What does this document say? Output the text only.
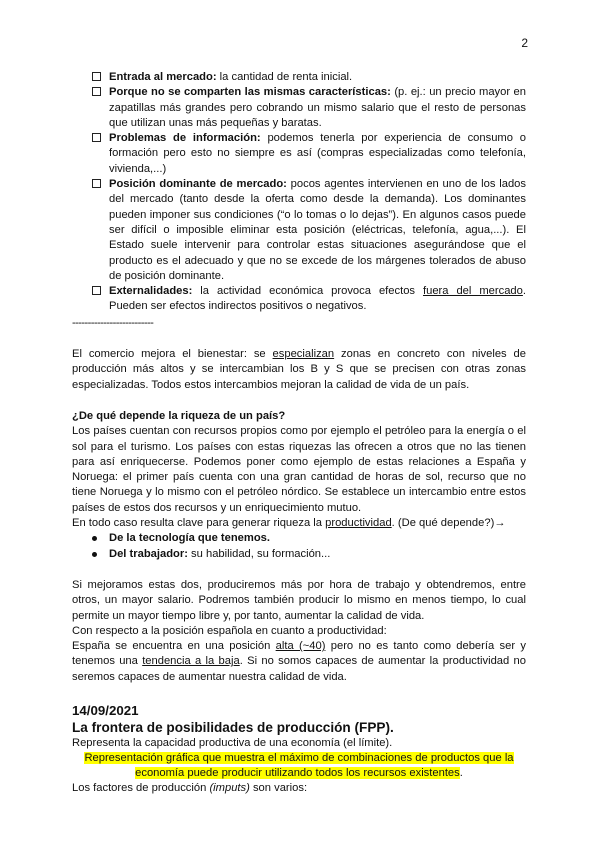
2
Entrada al mercado: la cantidad de renta inicial.
Porque no se comparten las mismas características: (p. ej.: un precio mayor en zapatillas más grandes pero cobrando un mismo salario que el resto de personas que utilizan unas más pequeñas y baratas.
Problemas de información: podemos tenerla por experiencia de consumo o formación pero esto no siempre es así (compras especializadas como telefonía, vivienda,...)
Posición dominante de mercado: pocos agentes intervienen en uno de los lados del mercado (tanto desde la oferta como desde la demanda). Los dominantes pueden imponer sus condiciones (“o lo tomas o lo dejas”). En algunos casos puede ser difícil o imposible eliminar esta posición (eléctricas, telefonía, agua,...). El Estado suele intervenir para controlar estas situaciones asegurándose que el producto es el adecuado y que no se excede de los márgenes tolerados de abuso de posición dominante.
Externalidades: la actividad económica provoca efectos fuera del mercado. Pueden ser efectos indirectos positivos o negativos.
--------------------------

El comercio mejora el bienestar: se especializan zonas en concreto con niveles de producción más altos y se intercambian los B y S que se precisen con otras zonas especializadas. Todos estos intercambios mejoran la calidad de vida de un país.

¿De qué depende la riqueza de un país?

Los países cuentan con recursos propios como por ejemplo el petróleo para la energía o el sol para el turismo. Los países con estas riquezas las ofrecen a otros que no las tienen para así enriquecerse. Podemos poner como ejemplo de estas relaciones a España y Noruega: el primer país cuenta con una gran cantidad de horas de sol, recurso que no tiene Noruega y lo mismo con el petróleo nórdico. Se establece un intercambio entre estos países de estos dos recursos y un enriquecimiento mutuo.

En todo caso resulta clave para generar riqueza la productividad. (De qué depende?)→

De la tecnología que tenemos.
Del trabajador: su habilidad, su formación...

Si mejoramos estas dos, produciremos más por hora de trabajo y obtendremos, entre otros, un mayor salario. Podremos también producir lo mismo en menos tiempo, lo cual permite un mayor tiempo libre y, por tanto, aumentar la calidad de vida.

Con respecto a la posición española en cuanto a productividad:

España se encuentra en una posición alta (~40) pero no es tanto como debería ser y tenemos una tendencia a la baja. Si no somos capaces de aumentar la productividad no seremos capaces de aumentar nuestra calidad de vida.

14/09/2021
La frontera de posibilidades de producción (FPP).

Representa la capacidad productiva de una economía (el límite).

Representación gráfica que muestra el máximo de combinaciones de productos que la

economía puede producir utilizando todos los recursos existentes.

Los factores de producción (imputs) son varios:
